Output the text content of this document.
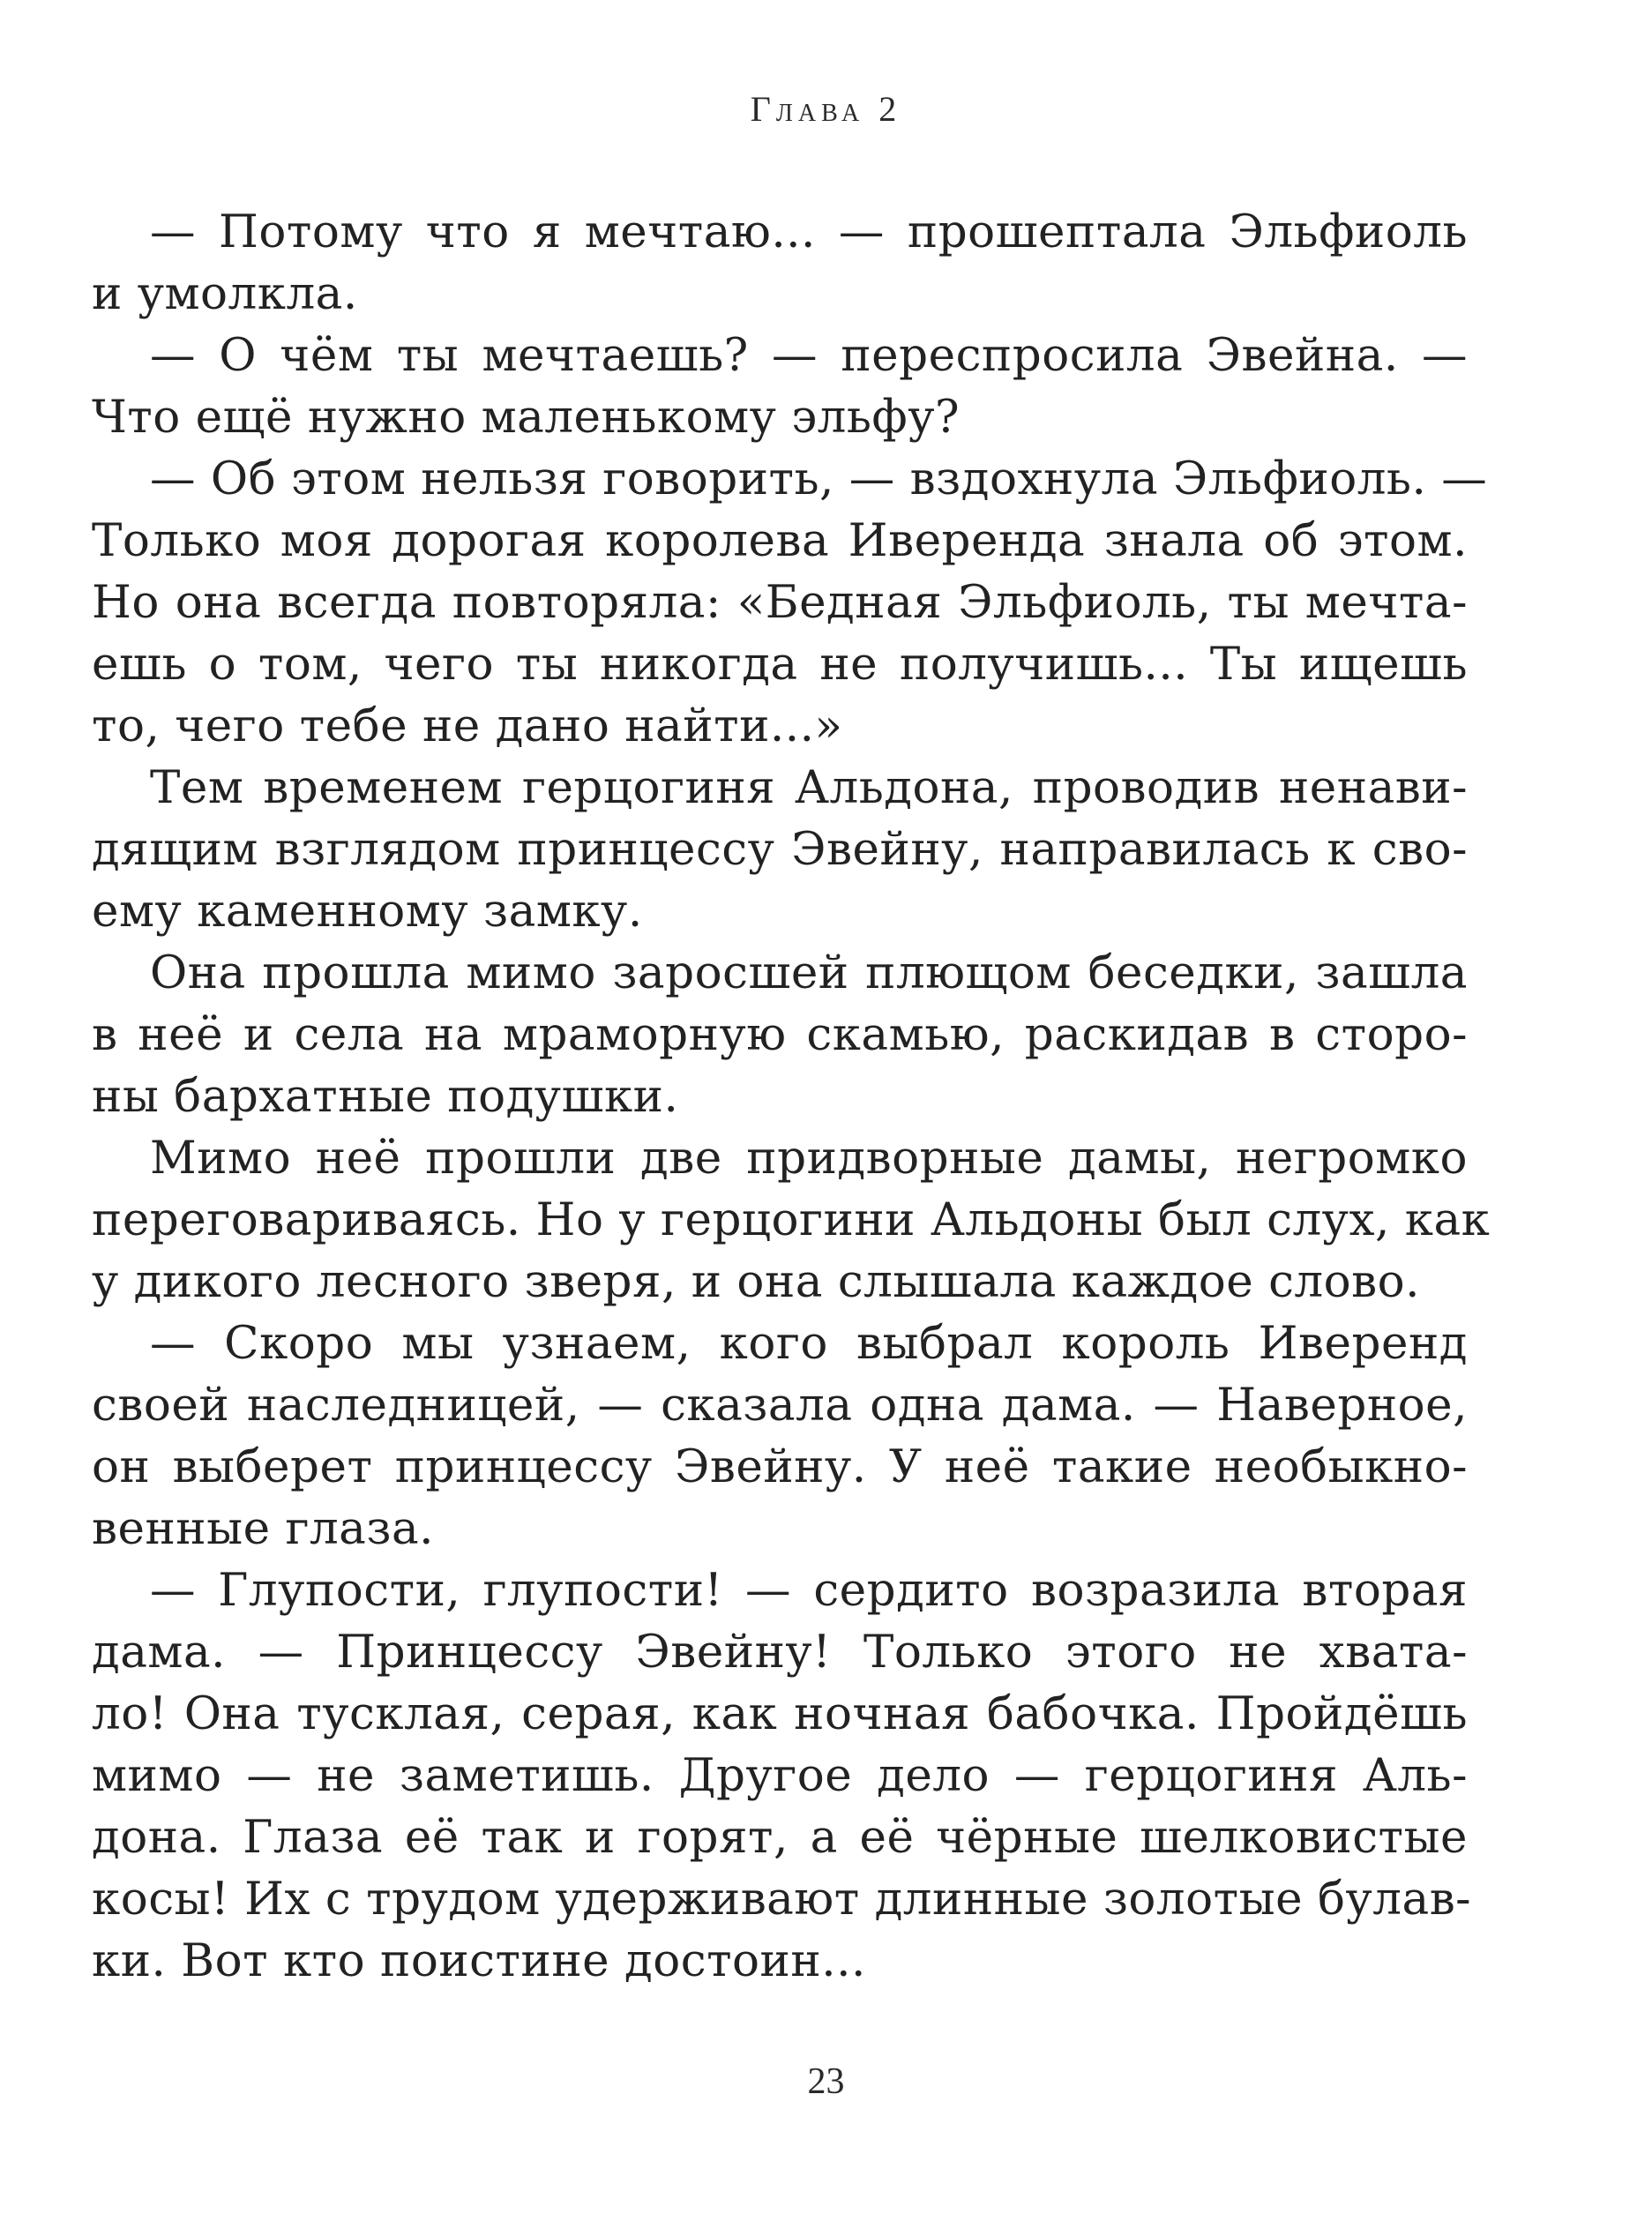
Глава 2
— Потому что я мечтаю... — прошептала Эльфиоль
и умолкла.
— О чём ты мечтаешь? — переспросила Эвейна. —
Что ещё нужно маленькому эльфу?
— Об этом нельзя говорить, — вздохнула Эльфиоль. —
Только моя дорогая королева Иверенда знала об этом.
Но она всегда повторяла: «Бедная Эльфиоль, ты мечта-
ешь о том, чего ты никогда не получишь... Ты ищешь
то, чего тебе не дано найти...»
Тем временем герцогиня Альдона, проводив ненави-
дящим взглядом принцессу Эвейну, направилась к сво-
ему каменному замку.
Она прошла мимо заросшей плющом беседки, зашла
в неё и села на мраморную скамью, раскидав в сторо-
ны бархатные подушки.
Мимо неё прошли две придворные дамы, негромко
переговариваясь. Но у герцогини Альдоны был слух, как
у дикого лесного зверя, и она слышала каждое слово.
— Скоро мы узнаем, кого выбрал король Иверенд
своей наследницей, — сказала одна дама. — Наверное,
он выберет принцессу Эвейну. У неё такие необыкно-
венные глаза.
— Глупости, глупости! — сердито возразила вторая
дама. — Принцессу Эвейну! Только этого не хвата-
ло! Она тусклая, серая, как ночная бабочка. Пройдёшь
мимо — не заметишь. Другое дело — герцогиня Аль-
дона. Глаза её так и горят, а её чёрные шелковистые
косы! Их с трудом удерживают длинные золотые булав-
ки. Вот кто поистине достоин...
23
